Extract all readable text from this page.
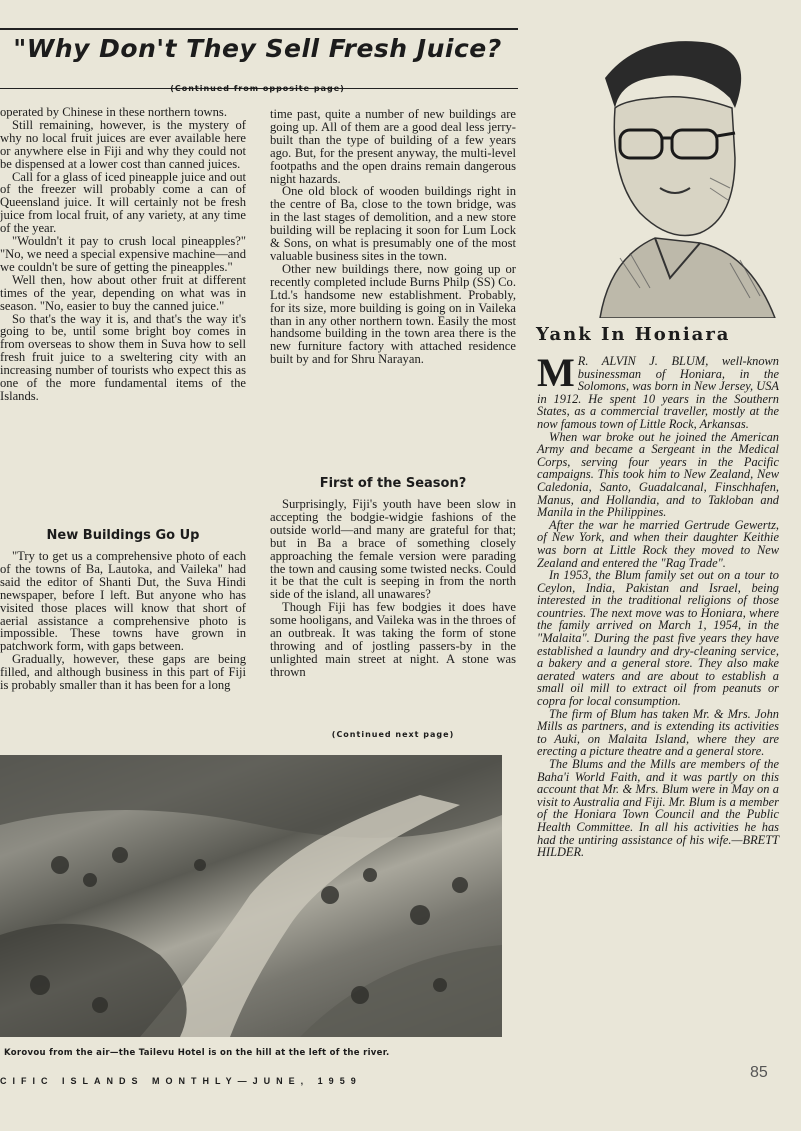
"Why Don't They Sell Fresh Juice?
(Continued from opposite page)

operated by Chinese in these northern towns.

Still remaining, however, is the mystery of why no local fruit juices are ever available here or anywhere else in Fiji and why they could not be dispensed at a lower cost than canned juices.

Call for a glass of iced pineapple juice and out of the freezer will probably come a can of Queensland juice. It will certainly not be fresh juice from local fruit, of any variety, at any time of the year.

"Wouldn't it pay to crush local pineapples?" "No, we need a special expensive machine—and we couldn't be sure of getting the pineapples."

Well then, how about other fruit at different times of the year, depending on what was in season. "No, easier to buy the canned juice."

So that's the way it is, and that's the way it's going to be, until some bright boy comes in from overseas to show them in Suva how to sell fresh fruit juice to a sweltering city with an increasing number of tourists who expect this as one of the more fundamental items of the Islands.

New Buildings Go Up

"Try to get us a comprehensive photo of each of the towns of Ba, Lautoka, and Vaileka" had said the editor of Shanti Dut, the Suva Hindi newspaper, before I left. But anyone who has visited those places will know that short of aerial assistance a comprehensive photo is impossible. These towns have grown in patchwork form, with gaps between.

Gradually, however, these gaps are being filled, and although business in this part of Fiji is probably smaller than it has been for a long

time past, quite a number of new buildings are going up. All of them are a good deal less jerry-built than the type of building of a few years ago. But, for the present anyway, the multi-level footpaths and the open drains remain dangerous night hazards.

One old block of wooden buildings right in the centre of Ba, close to the town bridge, was in the last stages of demolition, and a new store building will be replacing it soon for Lum Lock & Sons, on what is presumably one of the most valuable business sites in the town.

Other new buildings there, now going up or recently completed include Burns Philp (SS) Co. Ltd.'s handsome new establishment. Probably, for its size, more building is going on in Vaileka than in any other northern town. Easily the most handsome building in the town area there is the new furniture factory with attached residence built by and for Shru Narayan.

First of the Season?

Surprisingly, Fiji's youth have been slow in accepting the bodgie-widgie fashions of the outside world—and many are grateful for that; but in Ba a brace of something closely approaching the female version were parading the town and causing some twisted necks. Could it be that the cult is seeping in from the north side of the island, all unawares?

Though Fiji has few bodgies it does have some hooligans, and Vaileka was in the throes of an outbreak. It was taking the form of stone throwing and of jostling passers-by in the unlighted main street at night. A stone was thrown

(Continued next page)
Korovou from the air—the Tailevu Hotel is on the hill at the left of the river.
CIFIC ISLANDS MONTHLY—JUNE, 1959	85
Yank In Honiara

M R. ALVIN J. BLUM, well-known businessman of Honiara, in the Solomons, was born in New Jersey, USA in 1912. He spent 10 years in the Southern States, as a commercial traveller, mostly at the now famous town of Little Rock, Arkansas.

When war broke out he joined the American Army and became a Sergeant in the Medical Corps, serving four years in the Pacific campaigns. This took him to New Zealand, New Caledonia, Santo, Guadalcanal, Finschhafen, Manus, and Hollandia, and to Takloban and Manila in the Philippines.

After the war he married Gertrude Gewertz, of New York, and when their daughter Keithie was born at Little Rock they moved to New Zealand and entered the "Rag Trade".

In 1953, the Blum family set out on a tour to Ceylon, India, Pakistan and Israel, being interested in the traditional religions of those countries. The next move was to Honiara, where the family arrived on March 1, 1954, in the "Malaita". During the past five years they have established a laundry and dry-cleaning service, a bakery and a general store. They also make aerated waters and are about to establish a small oil mill to extract oil from peanuts or copra for local consumption.

The firm of Blum has taken Mr. & Mrs. John Mills as partners, and is extending its activities to Auki, on Malaita Island, where they are erecting a picture theatre and a general store.

The Blums and the Mills are members of the Baha'i World Faith, and it was partly on this account that Mr. & Mrs. Blum were in May on a visit to Australia and Fiji. Mr. Blum is a member of the Honiara Town Council and the Public Health Committee. In all his activities he has had the untiring assistance of his wife.—BRETT HILDER.
